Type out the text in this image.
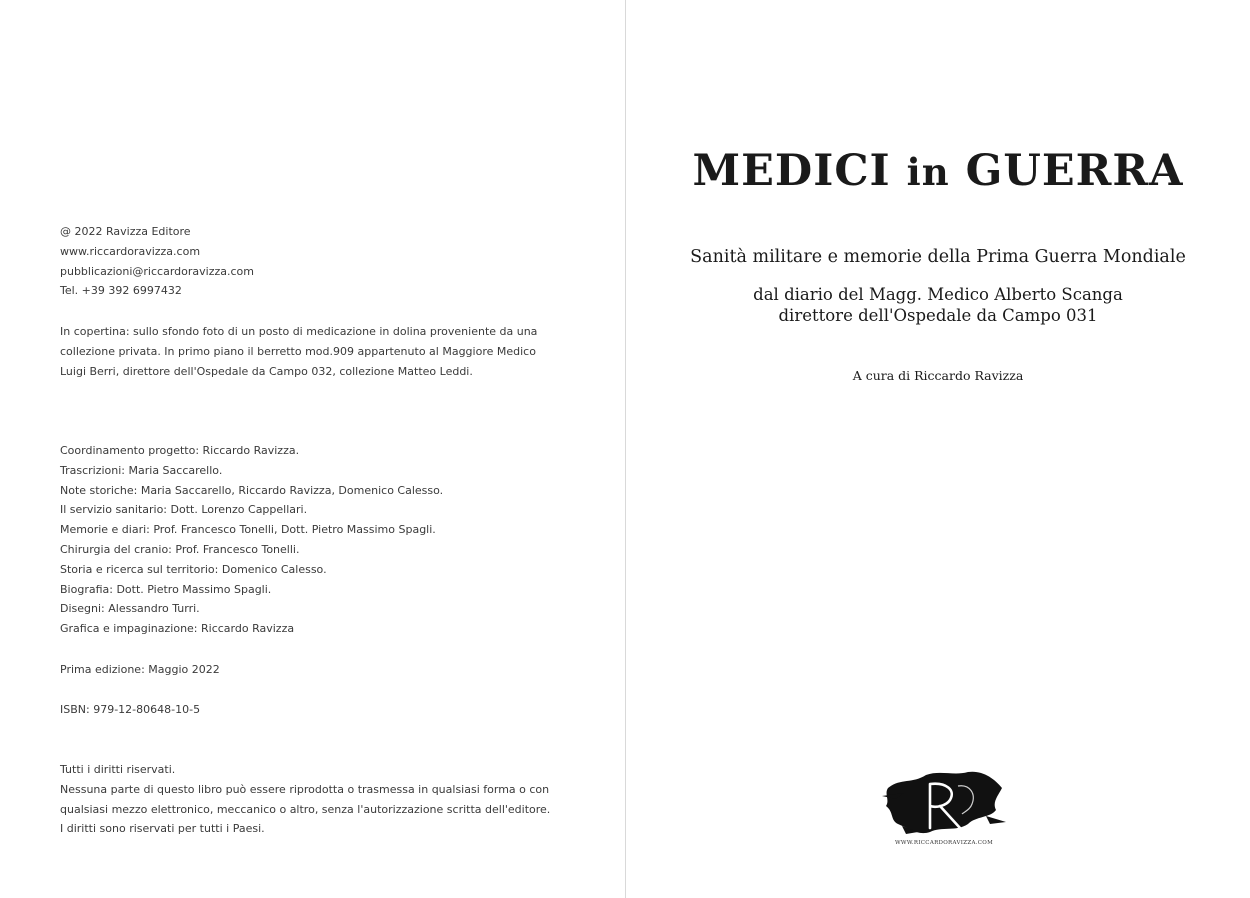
@ 2022 Ravizza Editore
www.riccardoravizza.com
pubblicazioni@riccardoravizza.com
Tel. +39 392 6997432
In copertina: sullo sfondo foto di un posto di medicazione in dolina proveniente da una
collezione privata. In primo piano il berretto mod.909 appartenuto al Maggiore Medico
Luigi Berri, direttore dell'Ospedale da Campo 032, collezione Matteo Leddi.
Coordinamento progetto: Riccardo Ravizza.
Trascrizioni: Maria Saccarello.
Note storiche: Maria Saccarello, Riccardo Ravizza, Domenico Calesso.
Il servizio sanitario: Dott. Lorenzo Cappellari.
Memorie e diari: Prof. Francesco Tonelli, Dott. Pietro Massimo Spagli.
Chirurgia del cranio: Prof. Francesco Tonelli.
Storia e ricerca sul territorio: Domenico Calesso.
Biografia: Dott. Pietro Massimo Spagli.
Disegni: Alessandro Turri.
Grafica e impaginazione: Riccardo Ravizza
Prima edizione: Maggio 2022
ISBN: 979-12-80648-10-5
Tutti i diritti riservati.
Nessuna parte di questo libro può essere riprodotta o trasmessa in qualsiasi forma o con
qualsiasi mezzo elettronico, meccanico o altro, senza l'autorizzazione scritta dell'editore.
I diritti sono riservati per tutti i Paesi.
MEDICI in GUERRA
Sanità militare e memorie della Prima Guerra Mondiale
dal diario del Magg. Medico Alberto Scanga
direttore dell'Ospedale da Campo 031
A cura di Riccardo Ravizza
WWW.RICCARDORAVIZZA.COM
